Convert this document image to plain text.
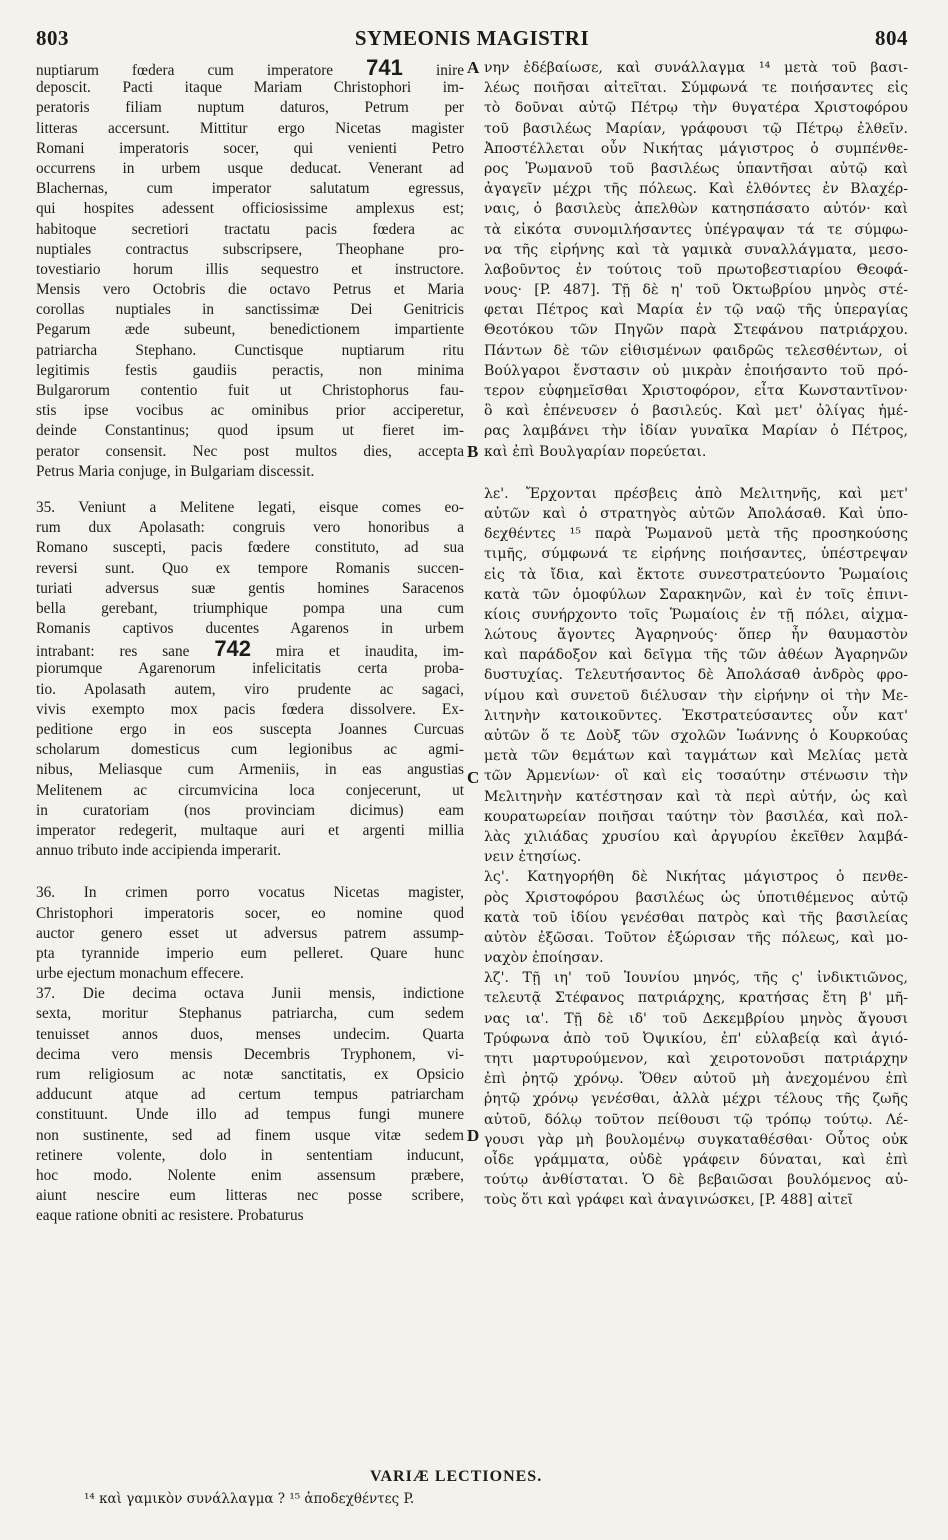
803	SYMEONIS MAGISTRI	804
nuptiarum fœdera cum imperatore 741 inire
deposcit. Pacti itaque Mariam Christophori im-
peratoris filiam nuptum daturos, Petrum per
litteras accersunt. Mittitur ergo Nicetas magister
Romani imperatoris socer, qui venienti Petro
occurrens in urbem usque deducat. Venerant ad
Blachernas, cum imperator salutatum egressus,
qui hospites adessent officiosissime amplexus est;
habitoque secretiori tractatu pacis fœdera ac
nuptiales contractus subscripsere, Theophane pro-
tovestiario horum illis sequestro et instructore.
Mensis vero Octobris die octavo Petrus et Maria
corollas nuptiales in sanctissimæ Dei Genitricis
Pegarum æde subeunt, benedictionem impartiente
patriarcha Stephano. Cunctisque nuptiarum ritu
legitimis festis gaudiis peractis, non minima
Bulgarorum contentio fuit ut Christophorus fau-
stis ipse vocibus ac ominibus prior acciperetur,
deinde Constantinus; quod ipsum ut fieret im-
perator consensit. Nec post multos dies, accepta
Petrus Maria conjuge, in Bulgariam discessit.
35. Veniunt a Melitene legati, eisque comes eo-
rum dux Apolasath: congruis vero honoribus a
Romano suscepti, pacis fœdere constituto, ad sua
reversi sunt. Quo ex tempore Romanis succen-
turiati adversus suæ gentis homines Saracenos
bella gerebant, triumphique pompa una cum
Romanis captivos ducentes Agarenos in urbem
intrabant: res sane 742 mira et inaudita, im-
piorumque Agarenorum infelicitatis certa proba-
tio. Apolasath autem, viro prudente ac sagaci,
vivis exempto mox pacis fœdera dissolvere. Ex-
peditione ergo in eos suscepta Joannes Curcuas
scholarum domesticus cum legionibus ac agmi-
nibus, Meliasque cum Armeniis, in eas angustias
Melitenem ac circumvicina loca conjecerunt, ut
in curatoriam (nos provinciam dicimus) eam
imperator redegerit, multaque auri et argenti millia
annuo tributo inde accipienda imperarit.
36. In crimen porro vocatus Nicetas magister,
Christophori imperatoris socer, eo nomine quod
auctor genero esset ut adversus patrem assump-
pta tyrannide imperio eum pelleret. Quare hunc
urbe ejectum monachum effecere.
37. Die decima octava Junii mensis, indictione
sexta, moritur Stephanus patriarcha, cum sedem
tenuisset annos duos, menses undecim. Quarta
decima vero mensis Decembris Tryphonem, vi-
rum religiosum ac notæ sanctitatis, ex Opsicio
adducunt atque ad certum tempus patriarcham
constituunt. Unde illo ad tempus fungi munere
non sustinente, sed ad finem usque vitæ sedem
retinere volente, dolo in sententiam inducunt,
hoc modo. Nolente enim assensum præbere,
aiunt nescire eum litteras nec posse scribere,
eaque ratione obniti ac resistere. Probaturus
νην ἐδέβαίωσε, καὶ συνάλλαγμα ¹⁴ μετὰ τοῦ βασι-
λέως ποιῆσαι αἰτεῖται. Σύμφωνά τε ποιήσαντες εἰς
τὸ δοῦναι αὐτῷ Πέτρῳ τὴν θυγατέρα Χριστοφόρου
τοῦ βασιλέως Μαρίαν, γράφουσι τῷ Πέτρῳ ἐλθεῖν.
Ἀποστέλλεται οὖν Νικήτας μάγιστρος ὁ συμπένθε-
ρος Ῥωμανοῦ τοῦ βασιλέως ὑπαντῆσαι αὐτῷ καὶ
ἀγαγεῖν μέχρι τῆς πόλεως. Καὶ ἐλθόντες ἐν Βλαχέρ-
ναις, ὁ βασιλεὺς ἀπελθὼν κατησπάσατο αὐτόν· καὶ
τὰ εἰκότα συνομιλήσαντες ὑπέγραψαν τά τε σύμφω-
να τῆς εἰρήνης καὶ τὰ γαμικὰ συναλλάγματα, μεσο-
λαβοῦντος ἐν τούτοις τοῦ πρωτοβεστιαρίου Θεοφά-
νους· [P. 487]. Τῇ δὲ η' τοῦ Ὀκτωβρίου μηνὸς στέ-
φεται Πέτρος καὶ Μαρία ἐν τῷ ναῷ τῆς ὑπεραγίας
Θεοτόκου τῶν Πηγῶν παρὰ Στεφάνου πατριάρχου.
Πάντων δὲ τῶν εἰθισμένων φαιδρῶς τελεσθέντων, οἱ
Βούλγαροι ἔνστασιν οὐ μικρὰν ἐποιήσαντο τοῦ πρό-
τερον εὐφημεῖσθαι Χριστοφόρον, εἶτα Κωνσταντῖνον·
ὃ καὶ ἐπένευσεν ὁ βασιλεύς. Καὶ μετ' ὀλίγας ἡμέ-
ρας λαμβάνει τὴν ἰδίαν γυναῖκα Μαρίαν ὁ Πέτρος,
καὶ ἐπὶ Βουλγαρίαν πορεύεται.
λε'. Ἔρχονται πρέσβεις ἀπὸ Μελιτηνῆς, καὶ μετ'
αὐτῶν καὶ ὁ στρατηγὸς αὐτῶν Ἀπολάσαθ. Καὶ ὑπο-
δεχθέντες ¹⁵ παρὰ Ῥωμανοῦ μετὰ τῆς προσηκούσης
τιμῆς, σύμφωνά τε εἰρήνης ποιήσαντες, ὑπέστρεψαν
εἰς τὰ ἴδια, καὶ ἔκτοτε συνεστρατεύοντο Ῥωμαίοις
κατὰ τῶν ὁμοφύλων Σαρακηνῶν, καὶ ἐν τοῖς ἐπινι-
κίοις συνήρχοντο τοῖς Ῥωμαίοις ἐν τῇ πόλει, αἰχμα-
λώτους ἄγοντες Ἀγαρηνούς· ὅπερ ἦν θαυμαστὸν
καὶ παράδοξον καὶ δεῖγμα τῆς τῶν ἀθέων Ἀγαρηνῶν
δυστυχίας. Τελευτήσαντος δὲ Ἀπολάσαθ ἀνδρὸς φρο-
νίμου καὶ συνετοῦ διέλυσαν τὴν εἰρήνην οἱ τὴν Με-
λιτηνὴν κατοικοῦντες. Ἐκστρατεύσαντες οὖν κατ'
αὐτῶν ὅ τε Δοὺξ τῶν σχολῶν Ἰωάννης ὁ Κουρκούας
μετὰ τῶν θεμάτων καὶ ταγμάτων καὶ Μελίας μετὰ
τῶν Ἀρμενίων· οἳ καὶ εἰς τοσαύτην στένωσιν τὴν
Μελιτηνὴν κατέστησαν καὶ τὰ περὶ αὐτήν, ὡς καὶ
κουρατωρείαν ποιῆσαι ταύτην τὸν βασιλέα, καὶ πολ-
λὰς χιλιάδας χρυσίου καὶ ἀργυρίου ἐκεῖθεν λαμβά-
νειν ἐτησίως.
λς'. Κατηγορήθη δὲ Νικήτας μάγιστρος ὁ πενθε-
ρὸς Χριστοφόρου βασιλέως ὡς ὑποτιθέμενος αὐτῷ
κατὰ τοῦ ἰδίου γενέσθαι πατρὸς καὶ τῆς βασιλείας
αὐτὸν ἐξῶσαι. Τοῦτον ἐξώρισαν τῆς πόλεως, καὶ μο-
ναχὸν ἐποίησαν.
λζ'. Τῇ ιη' τοῦ Ἰουνίου μηνός, τῆς ς' ἰνδικτιῶνος,
τελευτᾷ Στέφανος πατριάρχης, κρατήσας ἔτη β' μῆ-
νας ια'. Τῇ δὲ ιδ' τοῦ Δεκεμβρίου μηνὸς ἄγουσι
Τρύφωνα ἀπὸ τοῦ Ὀψικίου, ἐπ' εὐλαβείᾳ καὶ ἁγιό-
τητι μαρτυρούμενον, καὶ χειροτονοῦσι πατριάρχην
ἐπὶ ῥητῷ χρόνῳ. Ὅθεν αὐτοῦ μὴ ἀνεχομένου ἐπὶ
ῥητῷ χρόνῳ γενέσθαι, ἀλλὰ μέχρι τέλους τῆς ζωῆς
αὐτοῦ, δόλῳ τοῦτον πείθουσι τῷ τρόπῳ τούτῳ. Λέ-
γουσι γὰρ μὴ βουλομένῳ συγκαταθέσθαι· Οὗτος οὐκ
οἶδε γράμματα, οὐδὲ γράφειν δύναται, καὶ ἐπὶ
τούτῳ ἀνθίσταται. Ὁ δὲ βεβαιῶσαι βουλόμενος αὐ-
τοὺς ὅτι καὶ γράφει καὶ ἀναγινώσκει, [P. 488] αἰτεῖ
A
B
C
D
VARIÆ LECTIONES.
¹⁴ καὶ γαμικὸν συνάλλαγμα ? ¹⁵ ἀποδεχθέντες P.
